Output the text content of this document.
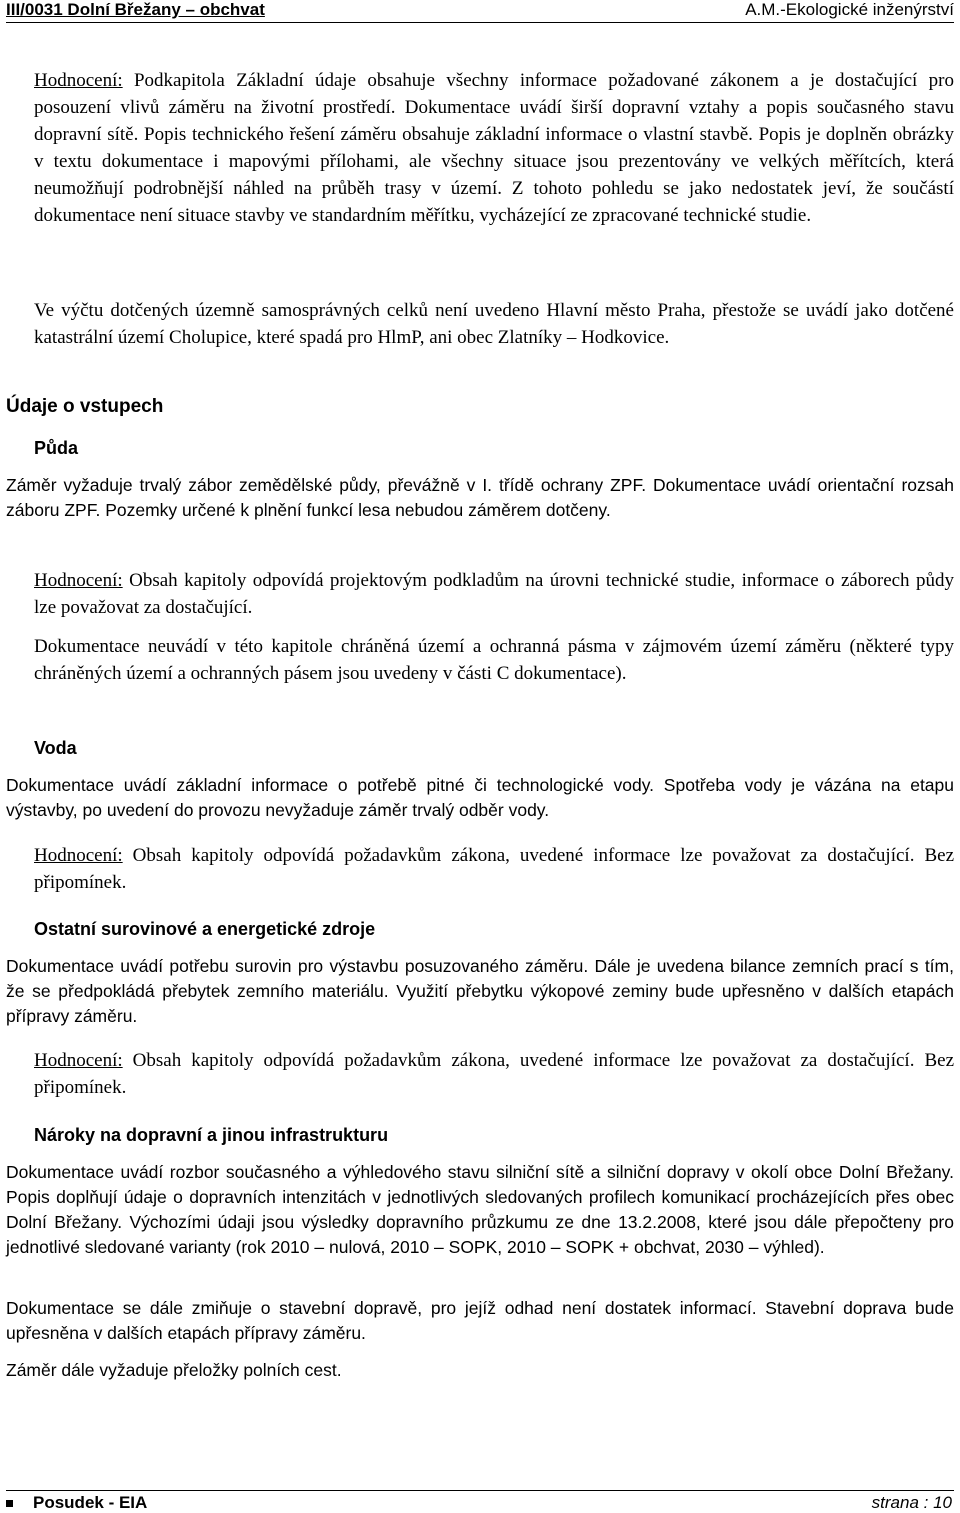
III/0031 Dolní Břežany – obchvat	A.M.-Ekologické inženýrství

Hodnocení: Podkapitola Základní údaje obsahuje všechny informace požadované zákonem a je dostačující pro posouzení vlivů záměru na životní prostředí. Dokumentace uvádí širší dopravní vztahy a popis současného stavu dopravní sítě. Popis technického řešení záměru obsahuje základní informace o vlastní stavbě. Popis je doplněn obrázky v textu dokumentace i mapovými přílohami, ale všechny situace jsou prezentovány ve velkých měřítcích, která neumožňují podrobnější náhled na průběh trasy v území. Z tohoto pohledu se jako nedostatek jeví, že součástí dokumentace není situace stavby ve standardním měřítku, vycházející ze zpracované technické studie.

Ve výčtu dotčených územně samosprávných celků není uvedeno Hlavní město Praha, přestože se uvádí jako dotčené katastrální území Cholupice, které spadá pro HlmP, ani obec Zlatníky – Hodkovice.

Údaje o vstupech
Půda

Záměr vyžaduje trvalý zábor zemědělské půdy, převážně v I. třídě ochrany ZPF. Dokumentace uvádí orientační rozsah záboru ZPF. Pozemky určené k plnění funkcí lesa nebudou záměrem dotčeny.

Hodnocení: Obsah kapitoly odpovídá projektovým podkladům na úrovni technické studie, informace o záborech půdy lze považovat za dostačující.

Dokumentace neuvádí v této kapitole chráněná území a ochranná pásma v zájmovém území záměru (některé typy chráněných území a ochranných pásem jsou uvedeny v části C dokumentace).

Voda

Dokumentace uvádí základní informace o potřebě pitné či technologické vody. Spotřeba vody je vázána na etapu výstavby, po uvedení do provozu nevyžaduje záměr trvalý odběr vody.

Hodnocení: Obsah kapitoly odpovídá požadavkům zákona, uvedené informace lze považovat za dostačující. Bez připomínek.

Ostatní surovinové a energetické zdroje

Dokumentace uvádí potřebu surovin pro výstavbu posuzovaného záměru. Dále je uvedena bilance zemních prací s tím, že se předpokládá přebytek zemního materiálu. Využití přebytku výkopové zeminy bude upřesněno v dalších etapách přípravy záměru.

Hodnocení: Obsah kapitoly odpovídá požadavkům zákona, uvedené informace lze považovat za dostačující. Bez připomínek.

Nároky na dopravní a jinou infrastrukturu

Dokumentace uvádí rozbor současného a výhledového stavu silniční sítě a silniční dopravy v okolí obce Dolní Břežany. Popis doplňují údaje o dopravních intenzitách v jednotlivých sledovaných profilech komunikací procházejících přes obec Dolní Břežany. Výchozími údaji jsou výsledky dopravního průzkumu ze dne 13.2.2008, které jsou dále přepočteny pro jednotlivé sledované varianty (rok 2010 – nulová, 2010 – SOPK, 2010 – SOPK + obchvat, 2030 – výhled).

Dokumentace se dále zmiňuje o stavební dopravě, pro jejíž odhad není dostatek informací. Stavební doprava bude upřesněna v dalších etapách přípravy záměru.

Záměr dále vyžaduje přeložky polních cest.

Posudek - EIA	strana : 10
